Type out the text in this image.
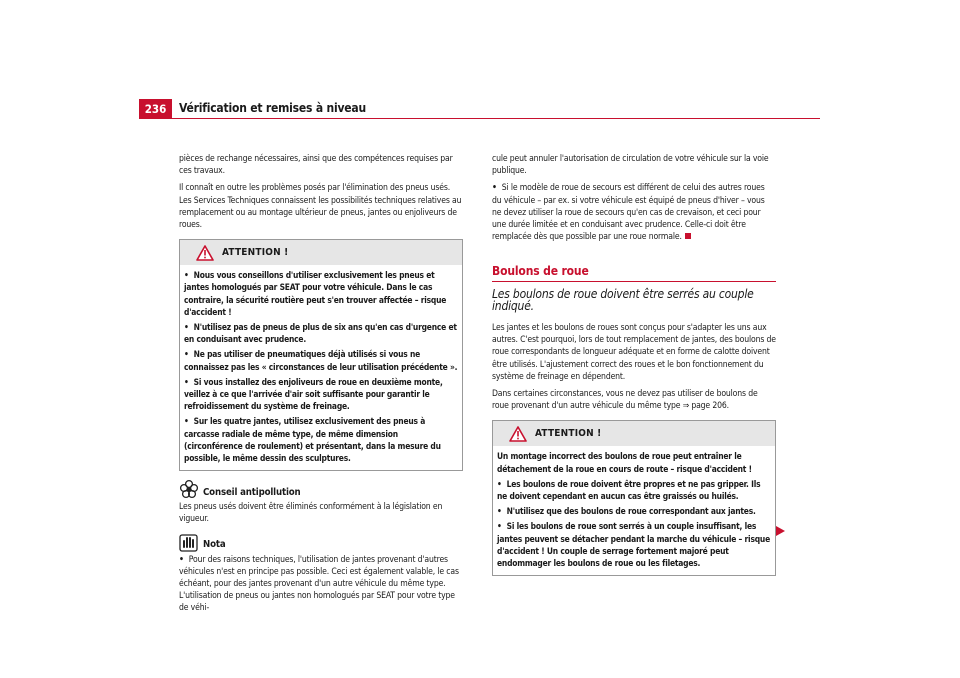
236	Vérification et remises à niveau

pièces de rechange nécessaires, ainsi que des compétences requises par ces travaux.

Il connaît en outre les problèmes posés par l'élimination des pneus usés. Les Services Techniques connaissent les possibilités techniques relatives au remplacement ou au montage ultérieur de pneus, jantes ou enjoliveurs de roues.

ATTENTION !
• Nous vous conseillons d'utiliser exclusivement les pneus et jantes homologués par SEAT pour votre véhicule. Dans le cas contraire, la sécurité routière peut s'en trouver affectée – risque d'accident !
• N'utilisez pas de pneus de plus de six ans qu'en cas d'urgence et en conduisant avec prudence.
• Ne pas utiliser de pneumatiques déjà utilisés si vous ne connaissez pas les « circonstances de leur utilisation précédente ».
• Si vous installez des enjoliveurs de roue en deuxième monte, veillez à ce que l'arrivée d'air soit suffisante pour garantir le refroidissement du système de freinage.
• Sur les quatre jantes, utilisez exclusivement des pneus à carcasse radiale de même type, de même dimension (circonférence de roulement) et présentant, dans la mesure du possible, le même dessin des sculptures.
Conseil antipollution

Les pneus usés doivent être éliminés conformément à la législation en vigueur.

Nota
• Pour des raisons techniques, l'utilisation de jantes provenant d'autres véhicules n'est en principe pas possible. Ceci est également valable, le cas échéant, pour des jantes provenant d'un autre véhicule du même type. L'utilisation de pneus ou jantes non homologués par SEAT pour votre type de véhi-

cule peut annuler l'autorisation de circulation de votre véhicule sur la voie publique.

• Si le modèle de roue de secours est différent de celui des autres roues du véhicule – par ex. si votre véhicule est équipé de pneus d'hiver – vous ne devez utiliser la roue de secours qu'en cas de crevaison, et ceci pour une durée limitée et en conduisant avec prudence. Celle-ci doit être remplacée dès que possible par une roue normale.
Boulons de roue
Les boulons de roue doivent être serrés au couple indiqué.

Les jantes et les boulons de roues sont conçus pour s'adapter les uns aux autres. C'est pourquoi, lors de tout remplacement de jantes, des boulons de roue correspondants de longueur adéquate et en forme de calotte doivent être utilisés. L'ajustement correct des roues et le bon fonctionnement du système de freinage en dépendent.

Dans certaines circonstances, vous ne devez pas utiliser de boulons de roue provenant d'un autre véhicule du même type ⇒ page 206.

ATTENTION !

Un montage incorrect des boulons de roue peut entraîner le détachement de la roue en cours de route – risque d'accident !

• Les boulons de roue doivent être propres et ne pas gripper. Ils ne doivent cependant en aucun cas être graissés ou huilés.
• N'utilisez que des boulons de roue correspondant aux jantes.
• Si les boulons de roue sont serrés à un couple insuffisant, les jantes peuvent se détacher pendant la marche du véhicule – risque d'accident ! Un couple de serrage fortement majoré peut endommager les boulons de roue ou les filetages.
